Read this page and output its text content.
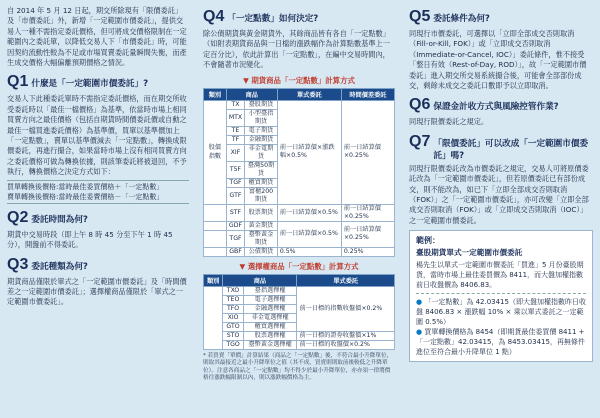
自 2014 年 5 月 12 日起，期交所除現有「限價委託」及「市價委託」外，新增「一定範圍市價委託」，提供交易人一種不需指定委託價格，但可將成交價格限制在一定範圍內之委託單，以降低交易人下「市價委託」時，可能因契約流動性較為不足或市場買賣委託量瞬間失衡，而產生成交價格大幅偏離預期價格之情況。

Q1 什麼是「一定範圍市價委託」?

交易人下此種委託單時不需指定委託價格，而在期交所收受委託時以「最佳一檔價格」為基準，依當時市場上相同買賣方向之最佳價格（包括自期貨時間價委託價或自動之最佳一檔買進委託價格）為基準價，買單以基準價加上「一定點數」，賣單以基準價減去「一定點數」，轉換成限價委託，再進行撮合，如果當時市場上沒有相同買賣方向之委託價格可做為轉換依據，則該筆委託將被退回，不予執行，轉換價格之決定方式如下：

買單轉換後價格:當時最佳委買價格＋「一定點數」
賣單轉換後價格:當時最佳委賣價格－「一定點數」
Q2 委託時間為何?

期貨中交易時段（即上午 8 時 45 分至下午 1 時 45 分），開盤前不得委託。

Q3 委託種類為何?

期貨商品僅限於單式之「一定範圍市價委託」及「時間價差之一定範圍市價委託」；選擇權商品僅限於「單式之一定範圍市價委託」。

Q4 「一定點數」如何決定?

除公債期貨與黃金期貨外，其餘商品皆有各自「一定點數」（如附表期貨商品與一日檔的漲跌幅作為計算點數基準上一定百分比），依此計算出「一定點數」，在編中交易時間內，不會隨著市況變化。

▼ 期貨商品「一定點數」計算方式
類別	商品		單式委託	時間價差委託
股價指數	TX	臺股期貨	前一日結算價×漲跌幅×0.5%	前一日結算價×0.25%
	MTX	小型臺指期貨		
	TE	電子期貨		
	TF	金融期貨		
	XIF	非金電期貨		
	T5F	臺灣50期貨		
	TGF	櫃買期貨		
	GTF	富櫃200期貨		
	STF	股票期貨	前一日結算價×0.5%	前一日結算價×0.25%
	GDF	黃金期貨	前一日結算價×0.5%	前一日結算價×0.25%
	TGF	臺幣黃金期貨		
	GBF	公債期貨	0.5%	0.25%
▼ 選擇權商品「一定點數」計算方式
類別	商品		單式委託
	TXO	臺指選擇權	前一日標的指數收盤價×0.2%
	TEO	電子選擇權	
	TFO	金融選擇權	
	XIO	非金電選擇權	
	GTO	櫃買選擇權	
	STO	股票選擇權	前一日標的證券收盤價×1%
	TGO	臺幣黃金選擇權	前一日標的收盤價×0.2%
* 若買賣「單價」計算結果（商品之「一定點數」後，不符合最小升降單位，則取其最接近之最小升降單位之值（其不成，買賣則則取前後較低之升降單位）。注意各商品之「一定點數」均不得少於最小升降單位，亦亦須一律將價格往漲跌幅限制以內，則以漲跌幅價格為主。
Q5 委託條件為何?

同現行市價委託，可選擇以「立即全部成交否則取消（Fill-or-Kill, FOK）」或「立即成交否則取消（Immediate-or-Cancel, IOC）」委託條件，惟不接受「整日有效（Rest-of-Day, ROD）」，故「一定範圍市價委託」進入期交所交易系統撮合後，可能會全部部份成交，剩餘未成交之委託口數即予以立即取消。

Q6 保證金計收方式與風險控管作業?

同現行限價委託之規定。

Q7 「限價委託」可以改成「一定範圍市價委託」嗎?

同現行限價委託改為市價委託之規定，交易人可將原價委託改為「一定範圍市價委託」，但若原價委託已有部份成交，則不能改為，如已下「立即全部成交否則取消（FOK）」之「一定範圍市價委託」，亦可改變「立即全部成交否則取消（FOK）」或「立即成交否則取消（IOC）」之一定範圍市價委託。

範例：

臺股期貨單式一定範圍市價委託

楊先生以單式一定範圍市價委託「買進」5 月份臺股期貨，當時市場上最佳委買價為 8411，而大盤加權指數前日收盤價為 8406.83。

● 「一定點數」為 42.03415（即大盤加權指數昨日收盤 8406.83 × 漲跌幅 10% × 乘以單式委託之一定範圍 0.5%）

● 買單轉換價格為 8454（即期貨最佳委買價 8411 + 「一定點數」42.03415，為 8453.03415，再無條件進位至符合最小升降單位 1 點）
